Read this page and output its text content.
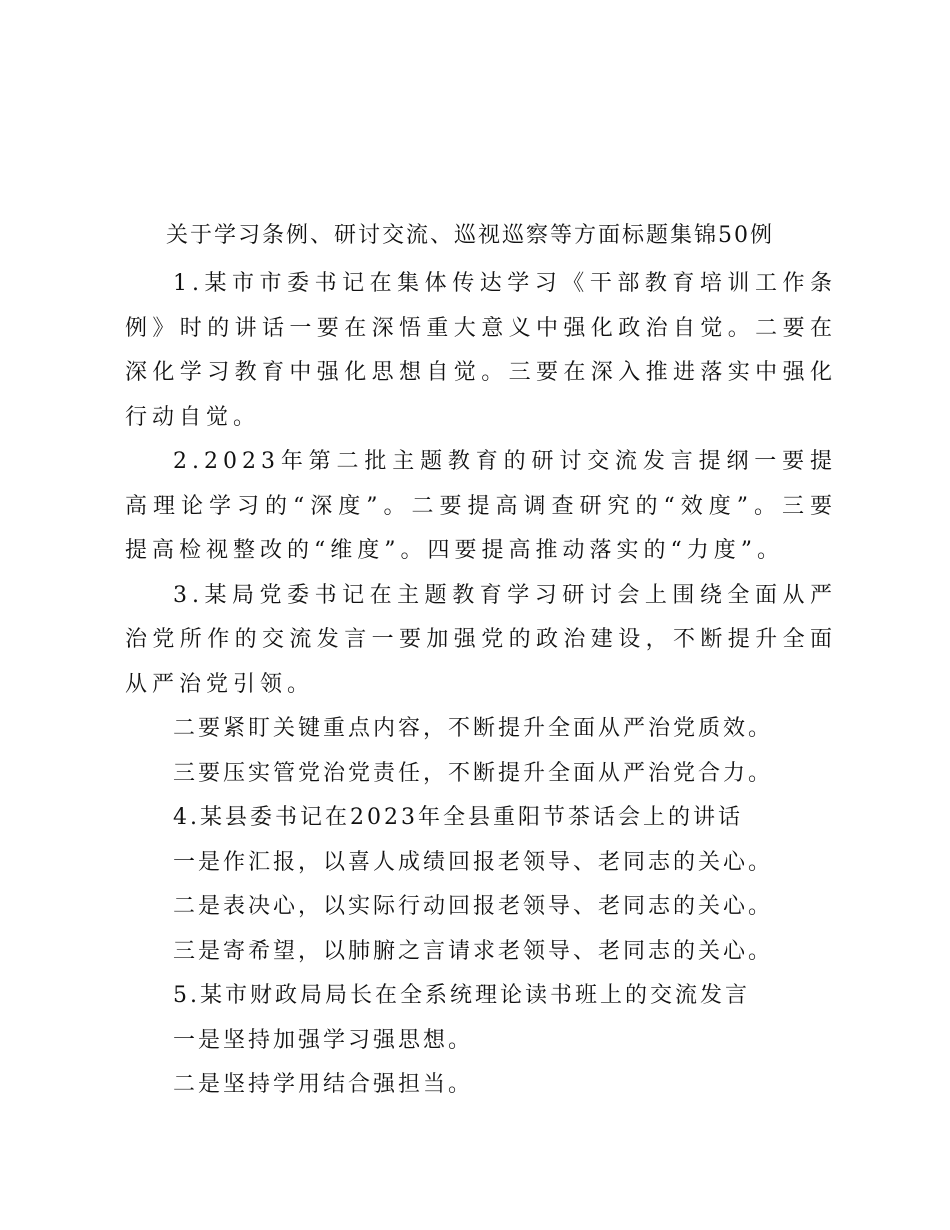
关于学习条例、研讨交流、巡视巡察等方面标题集锦50例

1.某市市委书记在集体传达学习《干部教育培训工作条例》时的讲话一要在深悟重大意义中强化政治自觉。二要在深化学习教育中强化思想自觉。三要在深入推进落实中强化行动自觉。

2.2023年第二批主题教育的研讨交流发言提纲一要提高理论学习的“深度”。二要提高调查研究的“效度”。三要提高检视整改的“维度”。四要提高推动落实的“力度”。

3.某局党委书记在主题教育学习研讨会上围绕全面从严治党所作的交流发言一要加强党的政治建设，不断提升全面从严治党引领。

二要紧盯关键重点内容，不断提升全面从严治党质效。

三要压实管党治党责任，不断提升全面从严治党合力。

4.某县委书记在2023年全县重阳节茶话会上的讲话

一是作汇报，以喜人成绩回报老领导、老同志的关心。

二是表决心，以实际行动回报老领导、老同志的关心。

三是寄希望，以肺腑之言请求老领导、老同志的关心。

5.某市财政局局长在全系统理论读书班上的交流发言

一是坚持加强学习强思想。

二是坚持学用结合强担当。
